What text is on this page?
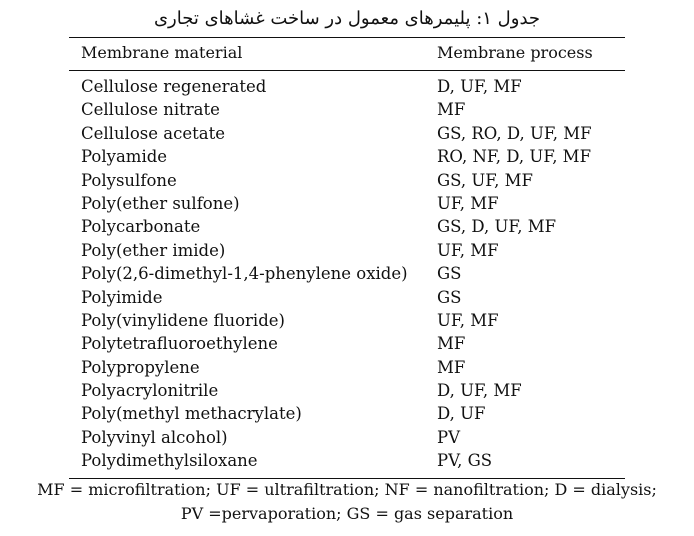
جدول ۱: پلیمرهای معمول در ساخت غشاهای تجاری
Membrane material	Membrane process
Cellulose regenerated	D, UF, MF
Cellulose nitrate	MF
Cellulose acetate	GS, RO, D, UF, MF
Polyamide	RO, NF, D, UF, MF
Polysulfone	GS, UF, MF
Poly(ether sulfone)	UF, MF
Polycarbonate	GS, D, UF, MF
Poly(ether imide)	UF, MF
Poly(2,6-dimethyl-1,4-phenylene oxide) GS
Polyimide	GS
Poly(vinylidene fluoride)	UF, MF
Polytetrafluoroethylene	MF
Polypropylene	MF
Polyacrylonitrile	D, UF, MF
Poly(methyl methacrylate)	D, UF
Polyvinyl alcohol)	PV
Polydimethylsiloxane	PV, GS
MF = microfiltration; UF = ultrafiltration; NF = nanofiltration; D = dialysis;
PV =pervaporation; GS = gas separation
